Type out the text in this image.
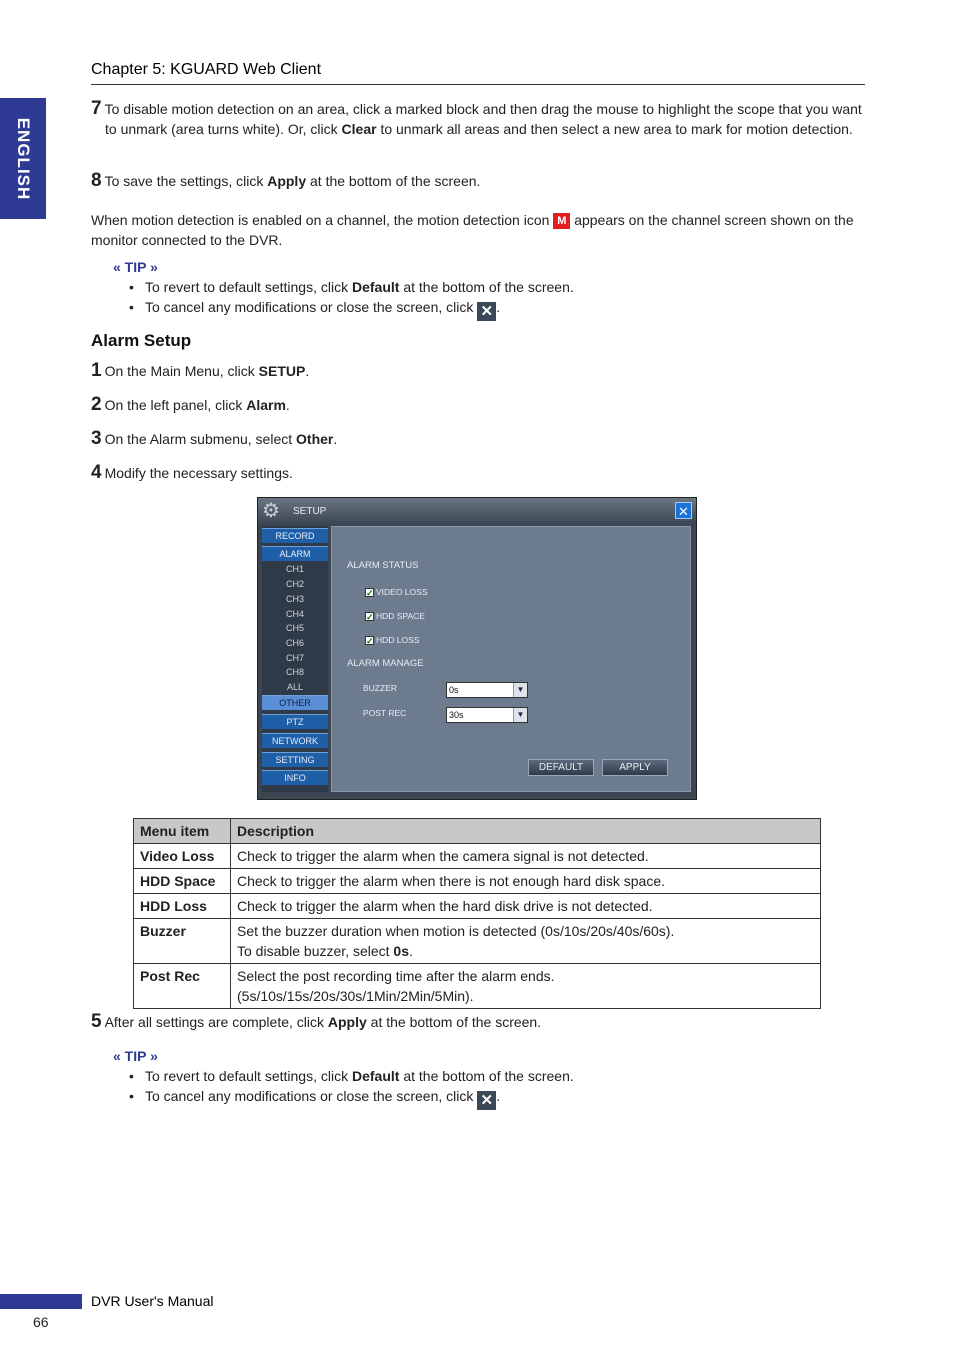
Chapter 5: KGUARD Web Client
ENGLISH
7 To disable motion detection on an area, click a marked block and then drag the mouse to highlight the scope that you want to unmark (area turns white). Or, click Clear to unmark all areas and then select a new area to mark for motion detection.
8 To save the settings, click Apply at the bottom of the screen.
When motion detection is enabled on a channel, the motion detection icon M appears on the channel screen shown on the monitor connected to the DVR.
« TIP »
• To revert to default settings, click Default at the bottom of the screen.
• To cancel any modifications or close the screen, click ✕ .
Alarm Setup
1 On the Main Menu, click SETUP.
2 On the left panel, click Alarm.
3 On the Alarm submenu, select Other.
4 Modify the necessary settings.
⚙	SETUP	✕
RECORD
ALARM
CH1
CH2
CH3
CH4
CH5
CH6
CH7
CH8
ALL
OTHER
PTZ
NETWORK
SETTING
INFO
ALARM STATUS
✓ VIDEO LOSS
✓ HDD SPACE
✓ HDD LOSS
ALARM MANAGE
BUZZER	0s	▼
POST REC	30s	▼
DEFAULT	APPLY
Menu item	Description
Video Loss	Check to trigger the alarm when the camera signal is not detected.
HDD Space	Check to trigger the alarm when there is not enough hard disk space.
HDD Loss	Check to trigger the alarm when the hard disk drive is not detected.
Buzzer	Set the buzzer duration when motion is detected (0s/10s/20s/40s/60s).
To disable buzzer, select 0s.

Post Rec	Select the post recording time after the alarm ends.
(5s/10s/15s/20s/30s/1Min/2Min/5Min).
5 After all settings are complete, click Apply at the bottom of the screen.
« TIP »
• To revert to default settings, click Default at the bottom of the screen.
• To cancel any modifications or close the screen, click ✕ .
DVR User's Manual
66
